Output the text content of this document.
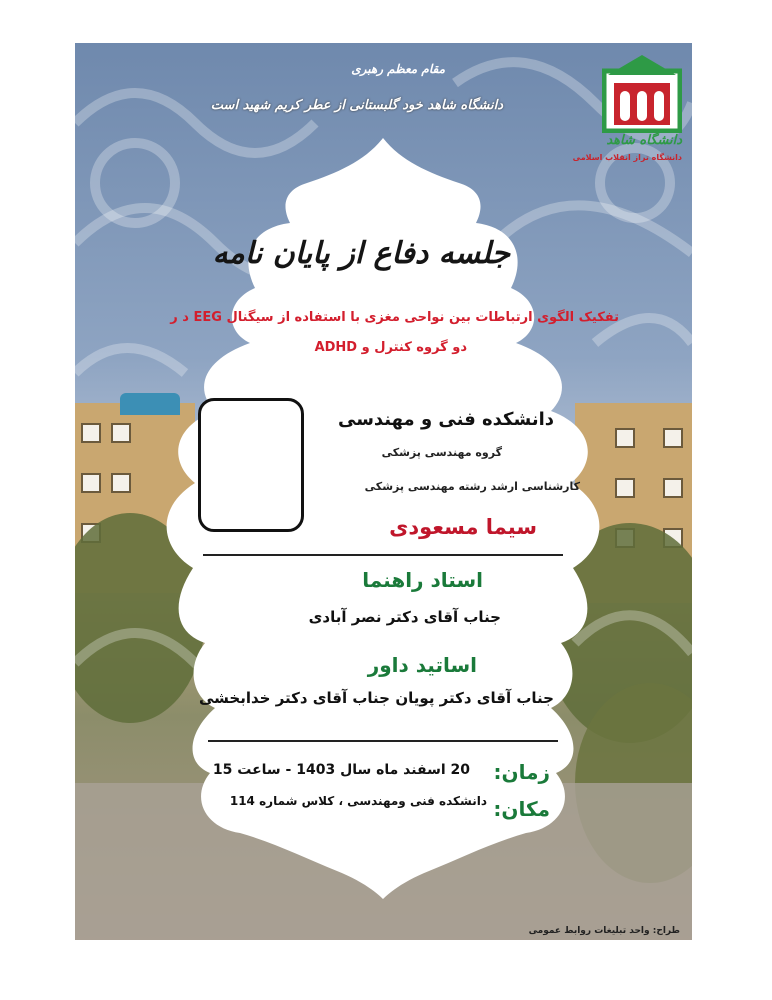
مقام معظم رهبری
دانشگاه شاهد خود گلبستانی از عطر کریم شهید است
دانشگاه شاهد
دانشگاه تراز انقلاب اسلامی
جلسه دفاع از پایان نامه
تفکیک الگوی ارتباطات بین نواحی مغزی با استفاده از سیگنال EEG د ر
دو گروه کنترل و ADHD
دانشکده فنی و مهندسی
گروه مهندسی پزشکی
کارشناسی ارشد رشته مهندسی پزشکی
سیما مسعودی
استاد راهنما
جناب آقای دکتر نصر آبادی
اساتید داور
جناب آقای دکتر پویان
جناب آقای دکتر خدابخشی
زمان:
20 اسفند ماه سال 1403 - ساعت 15
مکان:
دانشکده فنی ومهندسی ، کلاس شماره 114
طراح: واحد تبلیغات روابط عمومی
